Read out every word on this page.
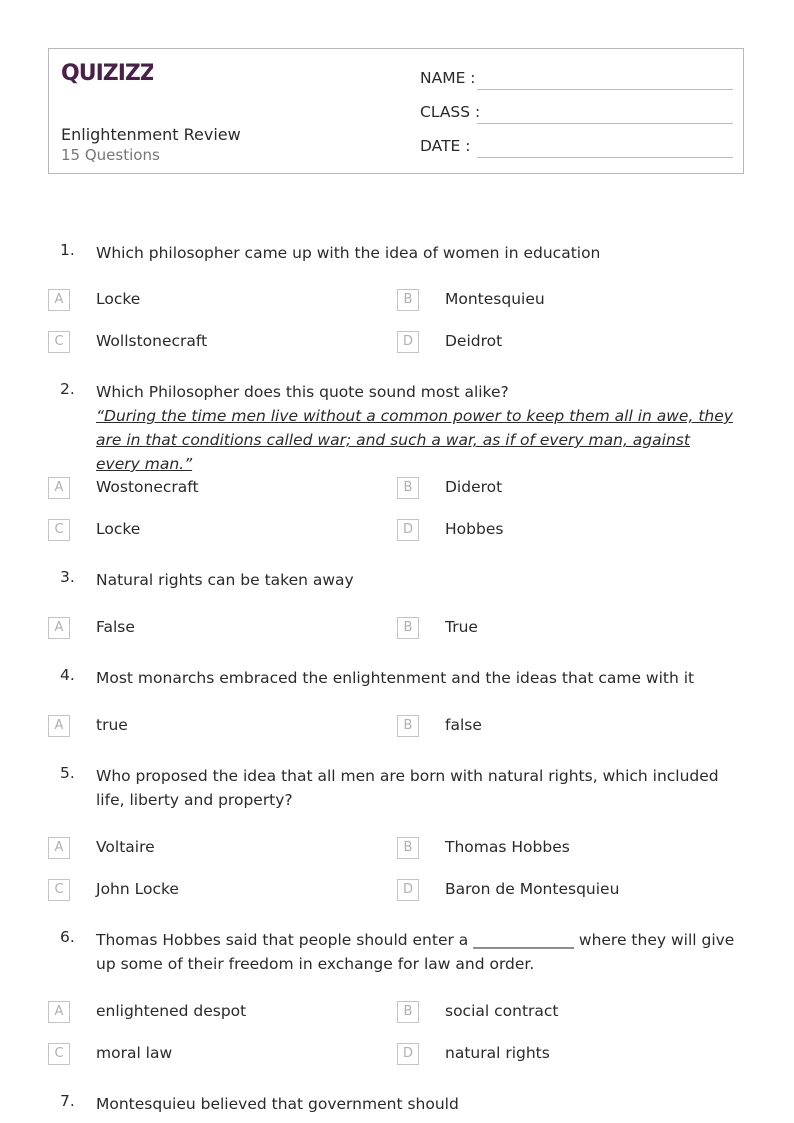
QUIZIZZ
Enlightenment Review
15 Questions
NAME :
CLASS :
DATE :
1. Which philosopher came up with the idea of women in education
A	Locke	B	Montesquieu
C	Wollstonecraft	D	Deidrot
2. Which Philosopher does this quote sound most alike?
“During the time men live without a common power to keep them all in awe, they are in that conditions called war; and such a war, as if of every man, against every man.”
A	Wostonecraft	B	Diderot
C	Locke	D	Hobbes
3. Natural rights can be taken away
A	False	B	True
4. Most monarchs embraced the enlightenment and the ideas that came with it
A	true	B	false
5. Who proposed the idea that all men are born with natural rights, which included life, liberty and property?
A	Voltaire	B	Thomas Hobbes
C	John Locke	D	Baron de Montesquieu
6. Thomas Hobbes said that people should enter a _____________ where they will give up some of their freedom in exchange for law and order.
A	enlightened despot	B	social contract
C	moral law	D	natural rights
7. Montesquieu believed that government should
